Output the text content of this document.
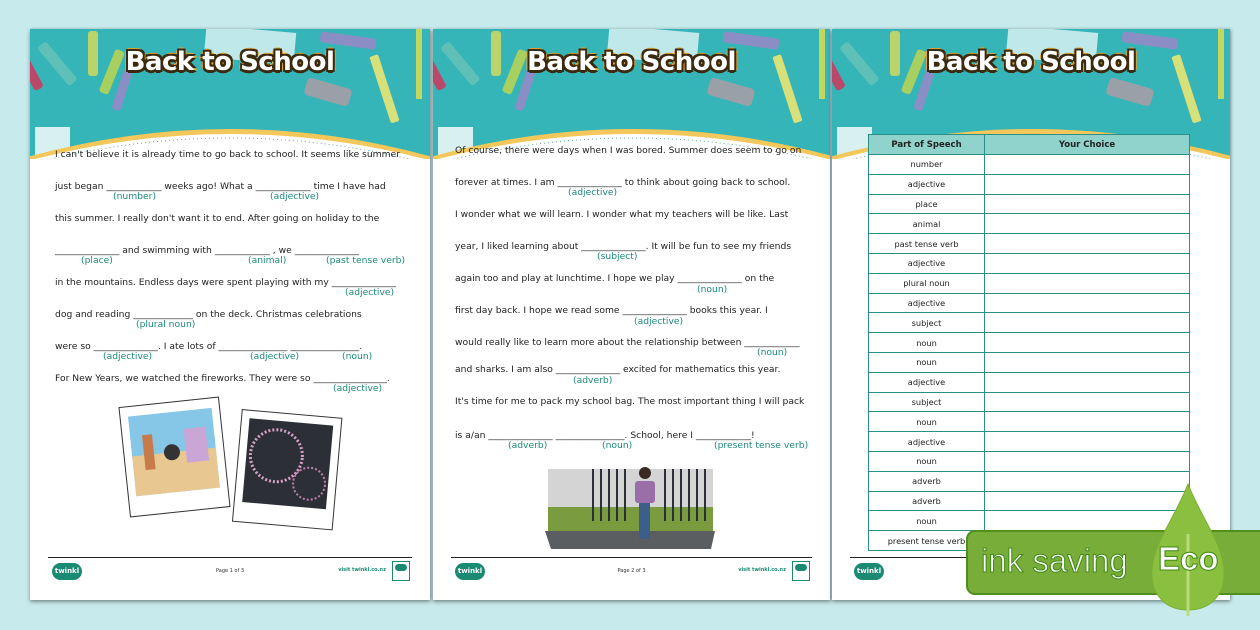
Back to School
I can't believe it is already time to go back to school. It seems like summer
just began ____________ weeks ago! What a ____________ time I have had
this summer. I really don't want it to end. After going on holiday to the
______________ and swimming with ____________ , we ______________
in the mountains. Endless days were spent playing with my ______________
dog and reading _____________ on the deck. Christmas celebrations
were so ______________. I ate lots of _______________ _______________.
For New Years, we watched the fireworks. They were so ________________.
(number)	(adjective)
(place)	(animal)	(past tense verb)
(adjective)
(plural noun)
(adjective)	(adjective)	(noun)
(adjective)
twinkl	Page 1 of 3	visit twinkl.co.nz
Back to School
Of course, there were days when I was bored. Summer does seem to go on
forever at times. I am ______________ to think about going back to school.
I wonder what we will learn. I wonder what my teachers will be like. Last
year, I liked learning about ______________. It will be fun to see my friends
again too and play at lunchtime. I hope we play ______________ on the
first day back. I hope we read some ______________ books this year. I
would really like to learn more about the relationship between ____________
and sharks. I am also ______________ excited for mathematics this year.
It's time for me to pack my school bag. The most important thing I will pack
is a/an ______________ _______________. School, here I ____________!
(adjective)
(subject)
(noun)
(adjective)
(noun)
(adverb)
(adverb)	(noun)	(present tense verb)
twinkl	Page 2 of 3	visit twinkl.co.nz
Back to School
Part of Speech	Your Choice
number	
adjective	
place	
animal	
past tense verb	
adjective	
plural noun	
adjective	
subject	
noun	
noun	
adjective	
subject	
noun	
adjective	
noun	
adverb	
adverb	
noun	
present tense verb	
twinkl	ink saving Eco
